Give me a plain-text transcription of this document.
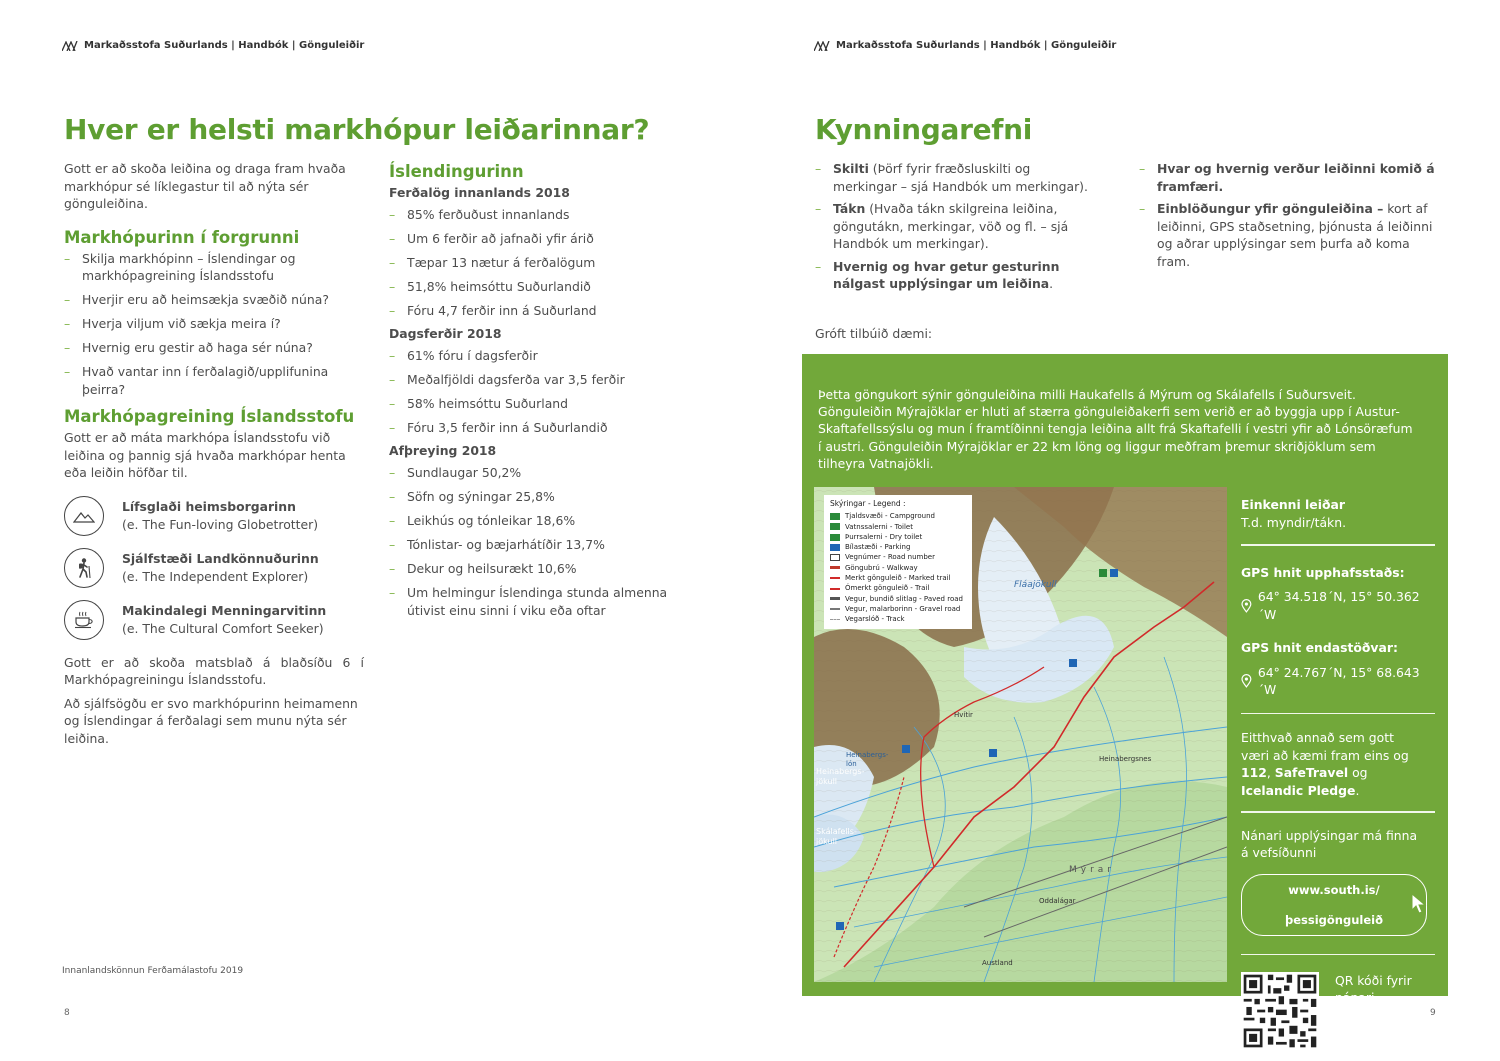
Markaðsstofa Suðurlands | Handbók | Gönguleiðir
Hver er helsti markhópur leiðarinnar?
Gott er að skoða leiðina og draga fram hvaða markhópur sé líklegastur til að nýta sér gönguleiðina.
Markhópurinn í forgrunni
– Skilja markhópinn – Íslendingar og markhópagreining Íslandsstofu
– Hverjir eru að heimsækja svæðið núna?
– Hverja viljum við sækja meira í?
– Hvernig eru gestir að haga sér núna?
– Hvað vantar inn í ferðalagið/upplifunina þeirra?
Markhópagreining Íslandsstofu
Gott er að máta markhópa Íslandsstofu við leiðina og þannig sjá hvaða markhópar henta eða leiðin höfðar til.
Lífsglaði heimsborgarinn
(e. The Fun-loving Globetrotter)
Sjálfstæði Landkönnuðurinn
(e. The Independent Explorer)
Makindalegi Menningarvitinn
(e. The Cultural Comfort Seeker)
Gott er að skoða matsblað á blaðsíðu 6 í Markhópagreiningu Íslandsstofu.
Að sjálfsögðu er svo markhópurinn heimamenn og Íslendingar á ferðalagi sem munu nýta sér leiðina.
Íslendingurinn
Ferðalög innanlands 2018
– 85% ferðuðust innanlands
– Um 6 ferðir að jafnaði yfir árið
– Tæpar 13 nætur á ferðalögum
– 51,8% heimsóttu Suðurlandið
– Fóru 4,7 ferðir inn á Suðurland
Dagsferðir 2018
– 61% fóru í dagsferðir
– Meðalfjöldi dagsferða var 3,5 ferðir
– 58% heimsóttu Suðurland
– Fóru 3,5 ferðir inn á Suðurlandið
Afþreying 2018
– Sundlaugar 50,2%
– Söfn og sýningar 25,8%
– Leikhús og tónleikar 18,6%
– Tónlistar- og bæjarhátíðir 13,7%
– Dekur og heilsurækt 10,6%
– Um helmingur Íslendinga stunda almenna útivist einu sinni í viku eða oftar
Innanlandskönnun Ferðamálastofu 2019
8
Markaðsstofa Suðurlands | Handbók | Gönguleiðir
Kynningarefni
– Skilti (Þörf fyrir fræðsluskilti og merkingar – sjá Handbók um merkingar).
– Tákn (Hvaða tákn skilgreina leiðina, göngutákn, merkingar, vöð og fl. – sjá Handbók um merkingar).
– Hvernig og hvar getur gesturinn nálgast upplýsingar um leiðina.
– Hvar og hvernig verður leiðinni komið á framfæri.
– Einblöðungur yfir gönguleiðina – kort af leiðinni, GPS staðsetning, þjónusta á leiðinni og aðrar upplýsingar sem þurfa að koma fram.
Gróft tilbúið dæmi:
Þetta göngukort sýnir gönguleiðina milli Haukafells á Mýrum og Skálafells í Suðursveit. Gönguleiðin Mýrajöklar er hluti af stærra gönguleiðakerfi sem verið er að byggja upp í Austur-Skaftafellssýslu og mun í framtíðinni tengja leiðina allt frá Skaftafelli í vestri yfir að Lónsöræfum í austri. Gönguleiðin Mýrajöklar er 22 km löng og liggur meðfram þremur skriðjöklum sem tilheyra Vatnajökli.
Fláajökull
Heinabergs-jökull
Heinabergs-lón
Skálafells-jökull
Mýrar
Heinabergsnes
Oddalágar
Austland
Hvítir
Skýringar - Legend :
Tjaldsvæði - Campground
Vatnssalerni - Toilet
Þurrsalerni - Dry toilet
Bílastæði - Parking
Vegnúmer - Road number
Göngubrú - Walkway
Merkt gönguleið - Marked trail
Ómerkt gönguleið - Trail
Vegur, bundið slitlag - Paved road
Vegur, malarborinn - Gravel road
Vegarslóð - Track
Einkenni leiðar
T.d. myndir/tákn.
GPS hnit upphafsstaðs:
64° 34.518´N, 15° 50.362´W
GPS hnit endastöðvar:
64° 24.767´N, 15° 68.643´W
Eitthvað annað sem gott væri að kæmi fram eins og 112, SafeTravel og Icelandic Pledge.
Nánari upplýsingar má finna á vefsíðunni
www.south.is/þessigönguleið
QR kóði fyrir nánari upplýsingar.	9
